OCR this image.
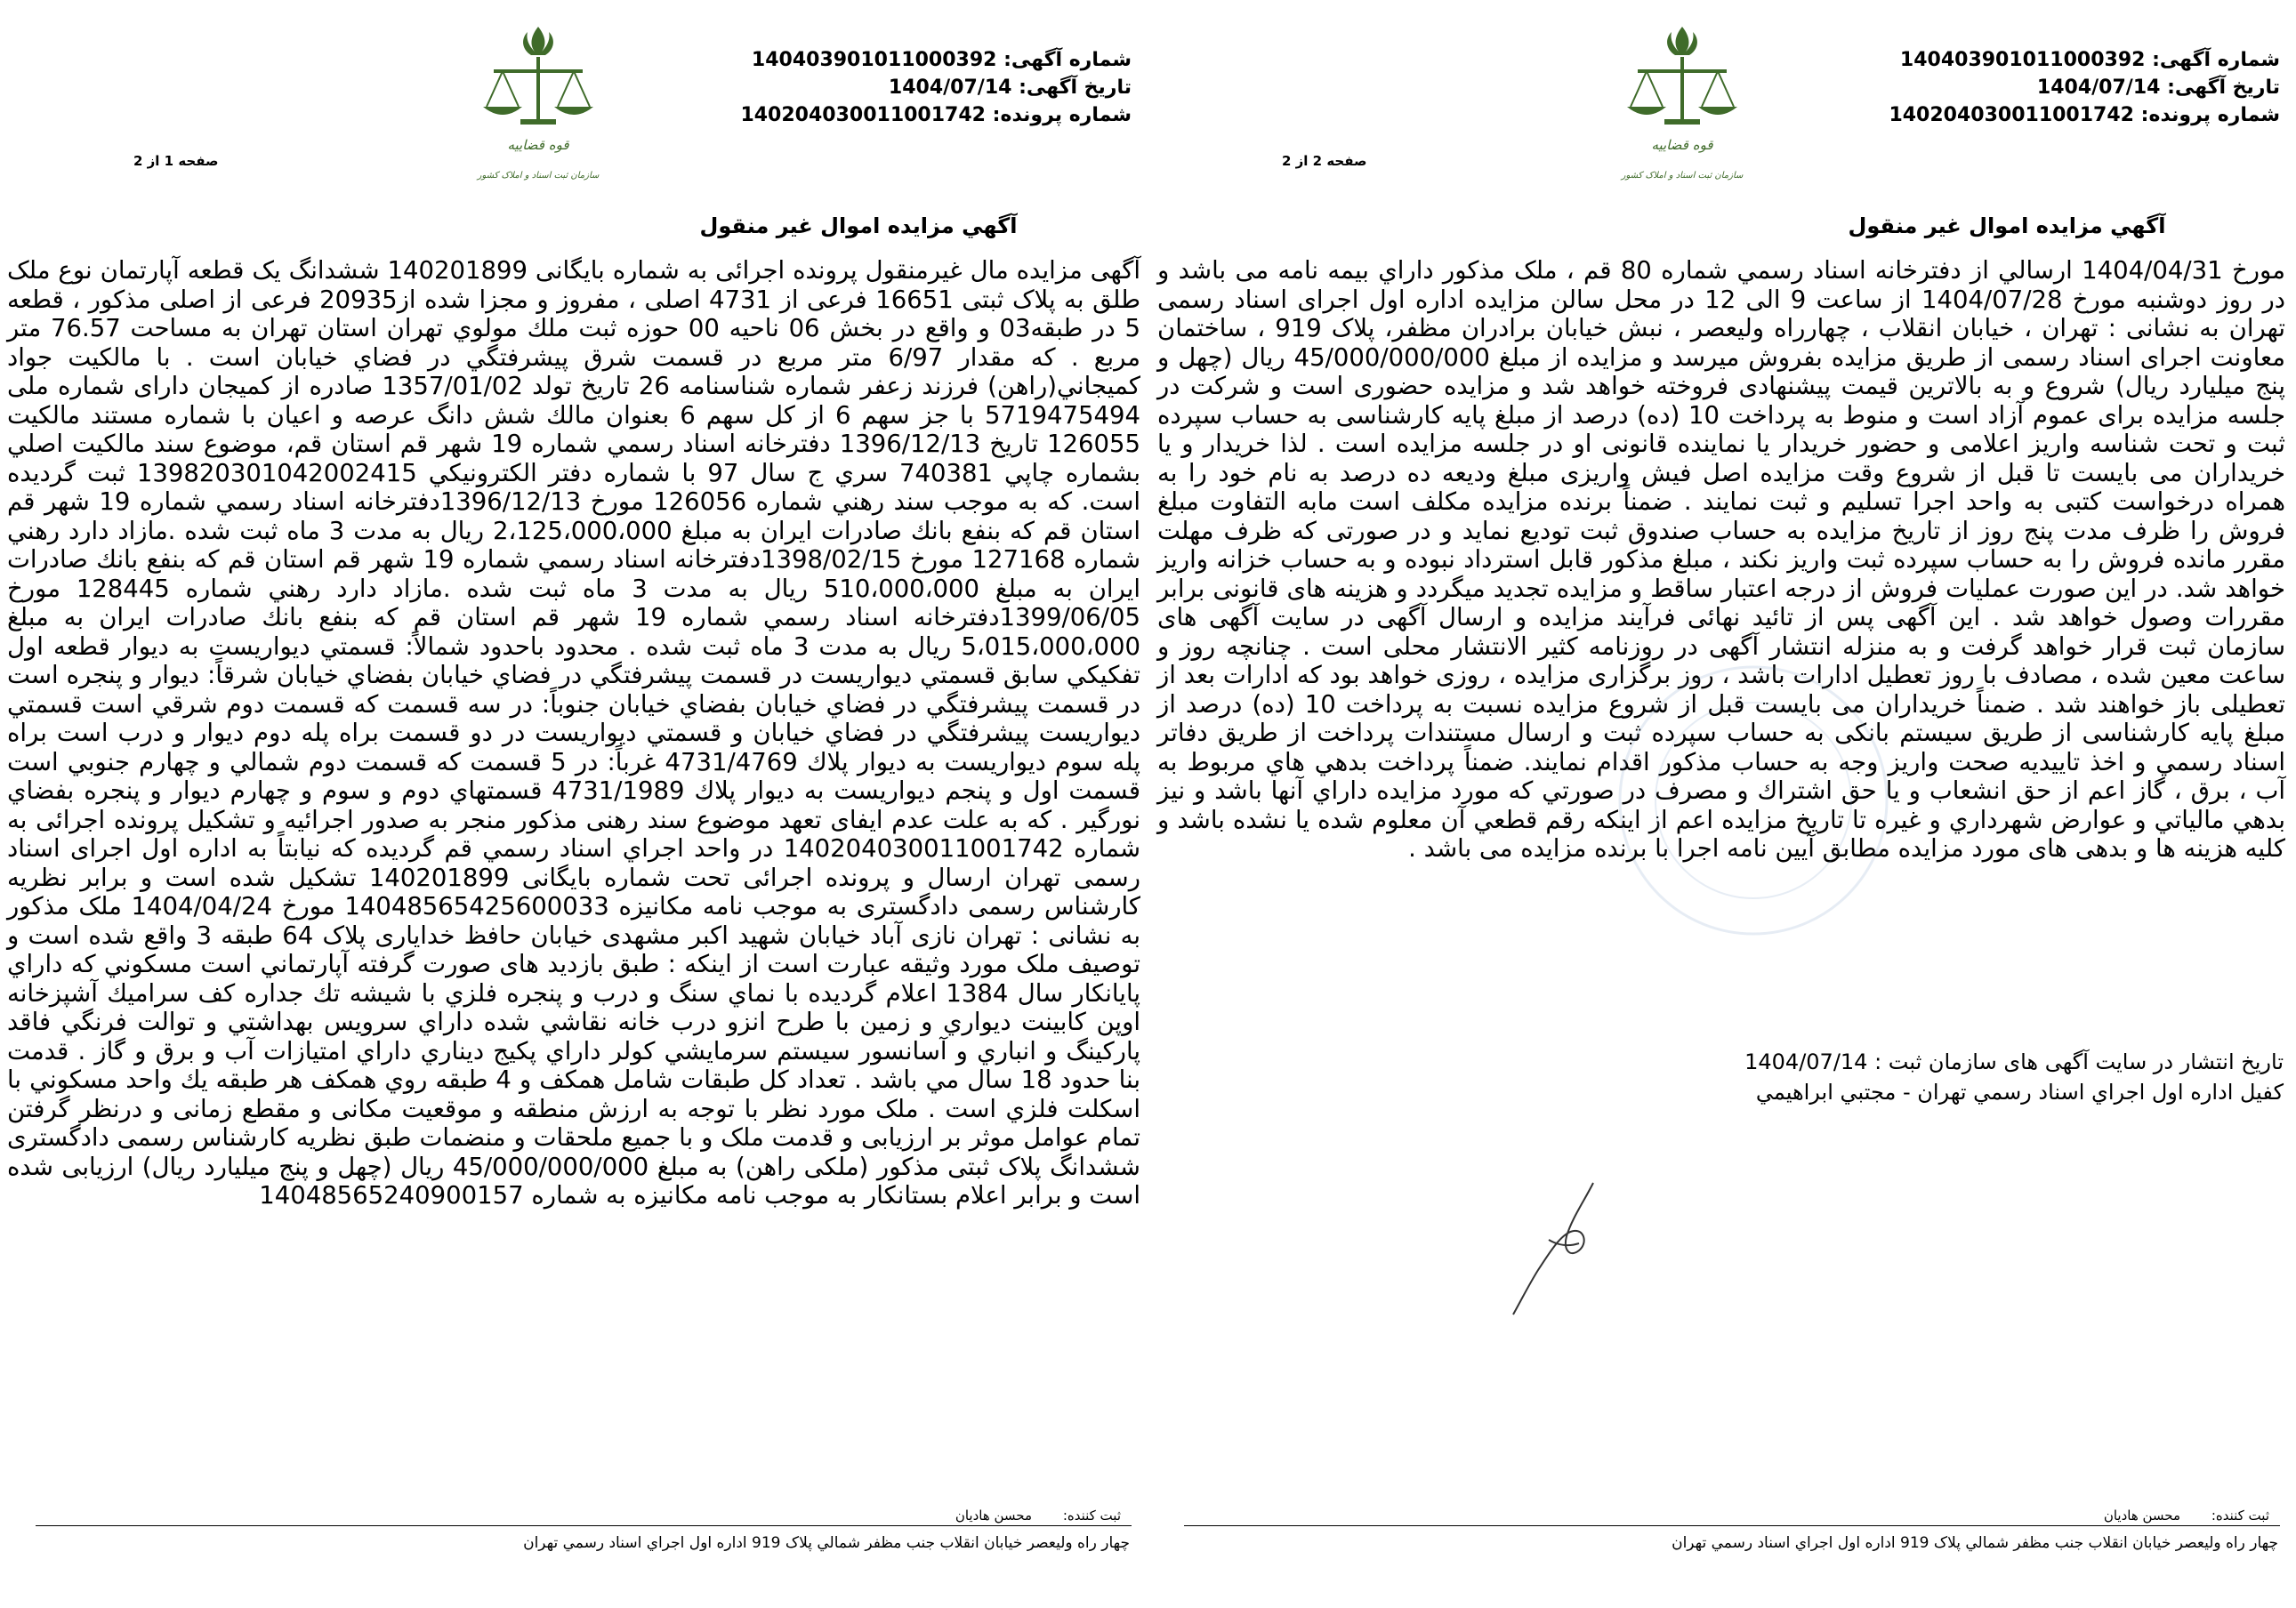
شماره آگهی: 140403901011000392
تاریخ آگهی: 1404/07/14
شماره پرونده: 140204030011001742
قوه قضاییه
سازمان ثبت اسناد و املاک کشور
صفحه 1 از 2
آگهي مزايده اموال غير منقول
آگهی مزایده مال غیرمنقول پرونده اجرائی به شماره بایگانی 140201899 ششدانگ یک قطعه آپارتمان نوع ملک طلق به پلاک ثبتی 16651 فرعی از 4731 اصلی ، مفروز و مجزا شده از20935 فرعی از اصلی مذکور ، قطعه 5 در طبقه03 و واقع در بخش 06 ناحیه 00 حوزه ثبت ملك مولوي تهران استان تهران به مساحت 76.57 متر مربع . كه مقدار 6/97 متر مربع در قسمت شرق پیشرفتگي در فضاي خيابان است . با مالکیت جواد كميجاني(راهن) فرزند زعفر شماره شناسنامه 26 تاريخ تولد 1357/01/02 صادره از کمیجان دارای شماره ملی 5719475494 با جز سهم 6 از كل سهم 6 بعنوان مالك شش دانگ عرصه و اعيان با شماره مستند مالکیت 126055 تاريخ 1396/12/13 دفترخانه اسناد رسمي شماره 19 شهر قم استان قم، موضوع سند مالكيت اصلي بشماره چاپي 740381 سري ج سال 97 با شماره دفتر الكترونيكي 139820301042002415 ثبت گرديده است. كه به موجب سند رهني شماره 126056 مورخ 1396/12/13دفترخانه اسناد رسمي شماره 19 شهر قم استان قم كه بنفع بانك صادرات ايران به مبلغ 2،125،000،000 ريال به مدت 3 ماه ثبت شده .مازاد دارد رهني شماره 127168 مورخ 1398/02/15دفترخانه اسناد رسمي شماره 19 شهر قم استان قم كه بنفع بانك صادرات ايران به مبلغ 510،000،000 ريال به مدت 3 ماه ثبت شده .مازاد دارد رهني شماره 128445 مورخ 1399/06/05دفترخانه اسناد رسمي شماره 19 شهر قم استان قم كه بنفع بانك صادرات ايران به مبلغ 5،015،000،000 ريال به مدت 3 ماه ثبت شده . محدود باحدود شمالاً: قسمتي ديواريست به ديوار قطعه اول تفكيكي سابق قسمتي ديواريست در قسمت پيشرفتگي در فضاي خيابان بفضاي خيابان شرقاً: ديوار و پنجره است در قسمت پيشرفتگي در فضاي خيابان بفضاي خيابان جنوباً: در سه قسمت كه قسمت دوم شرقي است قسمتي ديواريست پيشرفتگي در فضاي خيابان و قسمتي ديواريست در دو قسمت براه پله دوم ديوار و درب است براه پله سوم ديواريست به ديوار پلاك 4731/4769 غرباً: در 5 قسمت كه قسمت دوم شمالي و چهارم جنوبي است قسمت اول و پنجم ديواريست به ديوار پلاك 4731/1989 قسمتهاي دوم و سوم و چهارم ديوار و پنجره بفضاي نورگير . كه به علت عدم ايفاى تعهد موضوع سند رهنى مذكور منجر به صدور اجرائيه و تشكيل پرونده اجرائى به شماره 140204030011001742 در واحد اجراي اسناد رسمي قم گرديده كه نيابتاً به اداره اول اجراى اسناد رسمى تهران ارسال و پرونده اجرائى تحت شماره بايگانى 140201899 تشكيل شده است و برابر نظريه كارشناس رسمى دادگسترى به موجب نامه مكانيزه 14048565425600033 مورخ 1404/04/24 ملک مذکور به نشانی : تهران نازی آباد خیابان شهید اکبر مشهدی خیابان حافظ خدایاری پلاک 64 طبقه 3 واقع شده است و توصیف ملک مورد وثیقه عبارت است از اینکه : طبق بازدید های صورت گرفته آپارتماني است مسكوني كه داراي پايانكار سال 1384 اعلام گرديده با نماي سنگ و درب و پنجره فلزي با شيشه تك جداره كف سراميك آشپزخانه اوپن كابينت ديواري و زمين با طرح انزو درب خانه نقاشي شده داراي سرويس بهداشتي و توالت فرنگي فاقد پاركينگ و انباري و آسانسور سيستم سرمايشي كولر داراي پكيج ديناري داراي امتيازات آب و برق و گاز . قدمت بنا حدود 18 سال مي باشد . تعداد كل طبقات شامل همكف و 4 طبقه روي همكف هر طبقه يك واحد مسكوني با اسكلت فلزي است . ملک مورد نظر با توجه به ارزش منطقه و موقعیت مکانی و مقطع زمانی و درنظر گرفتن تمام عوامل موثر بر ارزيابى و قدمت ملک و با جميع ملحقات و منضمات طبق نظريه كارشناس رسمى دادگسترى ششدانگ پلاک ثبتی مذکور (ملکی راهن) به مبلغ 45/000/000/000 ریال (چهل و پنج میلیارد ریال) ارزیابی شده است و برابر اعلام بستانکار به موجب نامه مکانیزه به شماره 14048565240900157
ثبت کننده: محسن هاديان
چهار راه وليعصر خيابان انقلاب جنب مظفر شمالي پلاک 919 اداره اول اجراي اسناد رسمي تهران
شماره آگهی: 140403901011000392
تاریخ آگهی: 1404/07/14
شماره پرونده: 140204030011001742
قوه قضاییه
سازمان ثبت اسناد و املاک کشور
صفحه 2 از 2
آگهي مزايده اموال غير منقول
مورخ 1404/04/31 ارسالي از دفترخانه اسناد رسمي شماره 80 قم ، ملک مذکور داراي بيمه نامه مى باشد و در روز دوشنبه مورخ 1404/07/28 از ساعت 9 الی 12 در محل سالن مزایده اداره اول اجرای اسناد رسمی تهران به نشانی : تهران ، خیابان انقلاب ، چهارراه ولیعصر ، نبش خیابان برادران مظفر، پلاک 919 ، ساختمان معاونت اجرای اسناد رسمی از طریق مزایده بفروش میرسد و مزایده از مبلغ 45/000/000/000 ریال (چهل و پنج میلیارد ریال) شروع و به بالاترین قیمت پیشنهادی فروخته خواهد شد و مزایده حضوری است و شرکت در جلسه مزایده برای عموم آزاد است و منوط به پرداخت 10 (ده) درصد از مبلغ پایه کارشناسی به حساب سپرده ثبت و تحت شناسه واریز اعلامی و حضور خریدار یا نماینده قانونی او در جلسه مزایده است . لذا خریدار و یا خریداران می بایست تا قبل از شروع وقت مزایده اصل فیش واریزی مبلغ ودیعه ده درصد به نام خود را به همراه درخواست کتبی به واحد اجرا تسلیم و ثبت نمایند . ضمناً برنده مزایده مکلف است مابه التفاوت مبلغ فروش را ظرف مدت پنج روز از تاریخ مزایده به حساب صندوق ثبت تودیع نماید و در صورتی که ظرف مهلت مقرر مانده فروش را به حساب سپرده ثبت واریز نکند ، مبلغ مذکور قابل استرداد نبوده و به حساب خزانه واریز خواهد شد. در این صورت عملیات فروش از درجه اعتبار ساقط و مزایده تجدید میگردد و هزینه های قانونی برابر مقررات وصول خواهد شد . این آگهی پس از تائید نهائی فرآیند مزایده و ارسال آگهی در سایت آگهی های سازمان ثبت قرار خواهد گرفت و به منزله انتشار آگهی در روزنامه کثیر الانتشار محلی است . چنانچه روز و ساعت معین شده ، مصادف با روز تعطیل ادارات باشد ، روز برگزاری مزایده ، روزی خواهد بود که ادارات بعد از تعطیلی باز خواهند شد . ضمناً خریداران می بایست قبل از شروع مزایده نسبت به پرداخت 10 (ده) درصد از مبلغ پایه کارشناسی از طریق سیستم بانکی به حساب سپرده ثبت و ارسال مستندات پرداخت از طریق دفاتر اسناد رسمي و اخذ تاييديه صحت واريز وجه به حساب مذكور اقدام نمايند. ضمناً پرداخت بدهي هاي مربوط به آب ، برق ، گاز اعم از حق انشعاب و يا حق اشتراك و مصرف در صورتي كه مورد مزايده داراي آنها باشد و نيز بدهي مالياتي و عوارض شهرداري و غيره تا تاريخ مزايده اعم از اينكه رقم قطعي آن معلوم شده يا نشده باشد و كليه هزينه ها و بدهی های مورد مزایده مطابق آیین نامه اجرا با برنده مزایده می باشد .
تاریخ انتشار در سایت آگهی های سازمان ثبت : 1404/07/14
كفيل اداره اول اجراي اسناد رسمي تهران - مجتبي ابراهيمي
ثبت کننده: محسن هاديان
چهار راه وليعصر خيابان انقلاب جنب مظفر شمالي پلاک 919 اداره اول اجراي اسناد رسمي تهران
